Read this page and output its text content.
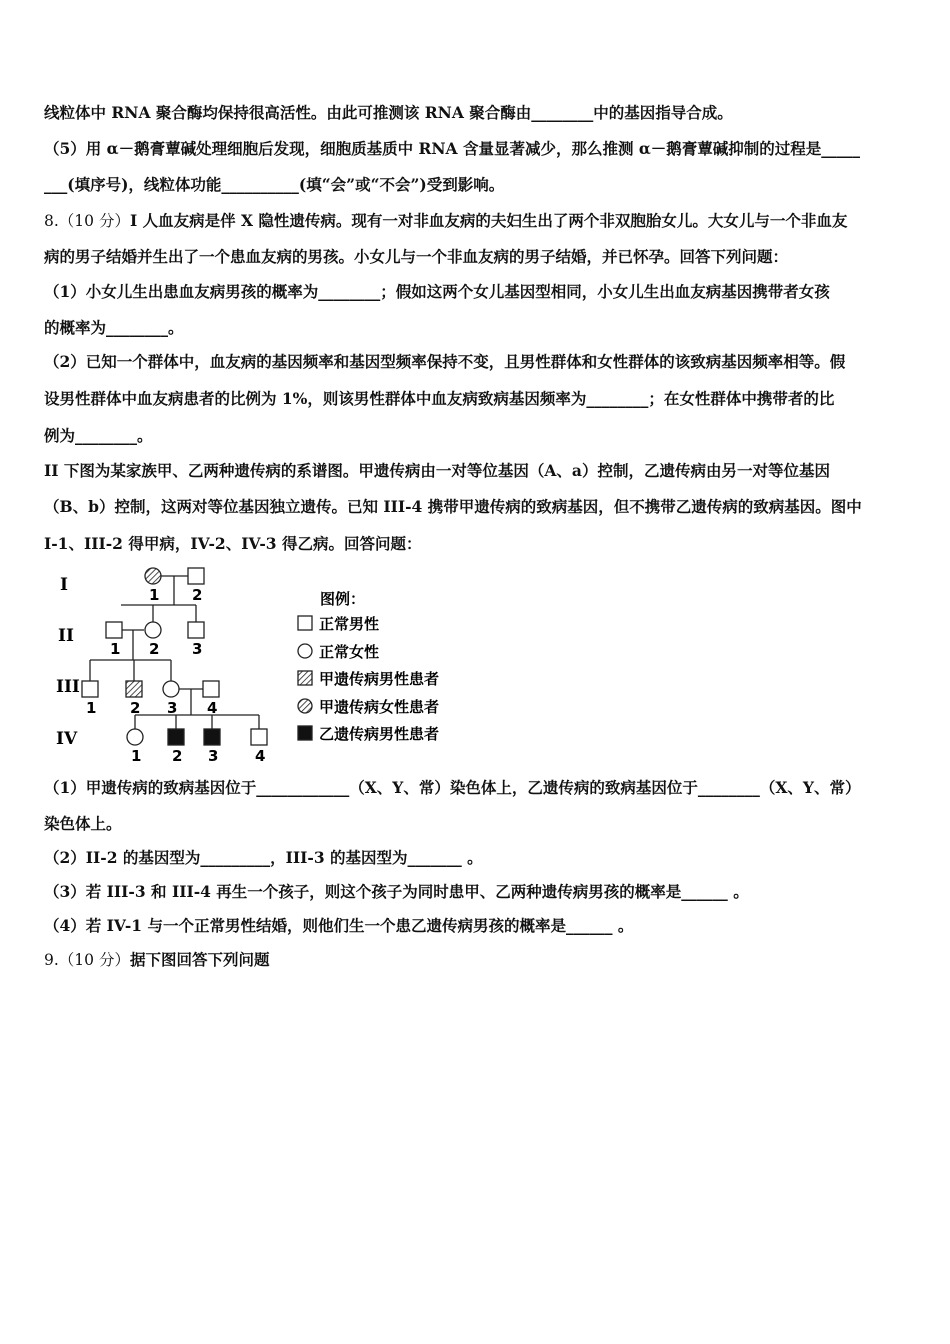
线粒体中 RNA 聚合酶均保持很高活性。由此可推测该 RNA 聚合酶由________中的基因指导合成。
（5）用 α－鹅膏蕈碱处理细胞后发现，细胞质基质中 RNA 含量显著减少，那么推测 α－鹅膏蕈碱抑制的过程是_____
___(填序号)，线粒体功能__________(填“会”或“不会”)受到影响。
8.（10 分）I 人血友病是伴 X 隐性遗传病。现有一对非血友病的夫妇生出了两个非双胞胎女儿。大女儿与一个非血友
病的男子结婚并生出了一个患血友病的男孩。小女儿与一个非血友病的男子结婚，并已怀孕。回答下列问题：
（1）小女儿生出患血友病男孩的概率为________；假如这两个女儿基因型相同，小女儿生出血友病基因携带者女孩
的概率为________。
（2）已知一个群体中，血友病的基因频率和基因型频率保持不变，且男性群体和女性群体的该致病基因频率相等。假
设男性群体中血友病患者的比例为 1%，则该男性群体中血友病致病基因频率为________；在女性群体中携带者的比
例为________。
II 下图为某家族甲、乙两种遗传病的系谱图。甲遗传病由一对等位基因（A、a）控制，乙遗传病由另一对等位基因
（B、b）控制，这两对等位基因独立遗传。已知 III-4 携带甲遗传病的致病基因，但不携带乙遗传病的致病基因。图中
I-1、III-2 得甲病，IV-2、IV-3 得乙病。回答问题：
I
II
III
IV
1 2
1 2 3
1 2 3 4
1 2 3 4
图例：
正常男性
正常女性
甲遗传病男性患者
甲遗传病女性患者
乙遗传病男性患者
（1）甲遗传病的致病基因位于____________（X、Y、常）染色体上，乙遗传病的致病基因位于________（X、Y、常）
染色体上。
（2）II-2 的基因型为_________，III-3 的基因型为_______ 。
（3）若 III-3 和 III-4 再生一个孩子，则这个孩子为同时患甲、乙两种遗传病男孩的概率是______ 。
（4）若 IV-1 与一个正常男性结婚，则他们生一个患乙遗传病男孩的概率是______ 。
9.（10 分）据下图回答下列问题
